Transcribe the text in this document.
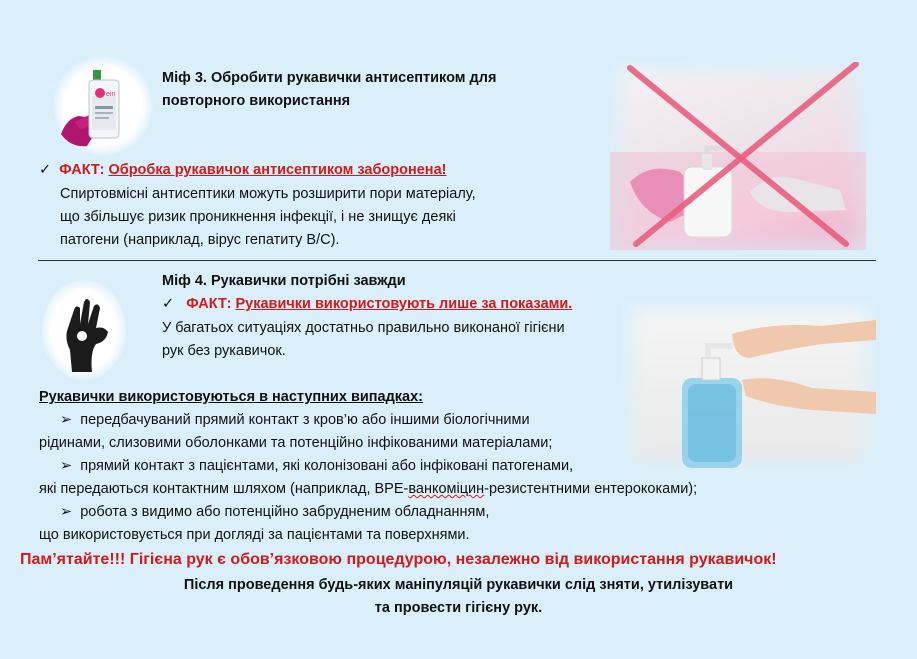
ein
Міф 3. Обробити рукавички антисептиком для
повторного використання
✓ ФАКТ: Обробка рукавичок антисептиком заборонена!
Спиртовмісні антисептики можуть розширити пори матеріалу,
що збільшує ризик проникнення інфекції, і не знищує деякі
патогени (наприклад, вірус гепатиту В/С).
Міф 4. Рукавички потрібні завжди
✓ ФАКТ: Рукавички використовують лише за показами.
У багатьох ситуаціях достатньо правильно виконаної гігієни
рук без рукавичок.
Рукавички використовуються в наступних випадках:
➢ передбачуваний прямий контакт з кров’ю або іншими біологічними
рідинами, слизовими оболонками та потенційно інфікованими матеріалами;
➢ прямий контакт з пацієнтами, які колонізовані або інфіковані патогенами,
які передаються контактним шляхом (наприклад, ВРЕ-ванкоміцин-резистентними ентерококами);
➢ робота з видимо або потенційно забрудненим обладнанням,
що використовується при догляді за пацієнтами та поверхнями.
Пам’ятайте!!! Гігієна рук є обов’язковою процедурою, незалежно від використання рукавичок!
Після проведення будь-яких маніпуляцій рукавички слід зняти, утилізувати
та провести гігієну рук.
